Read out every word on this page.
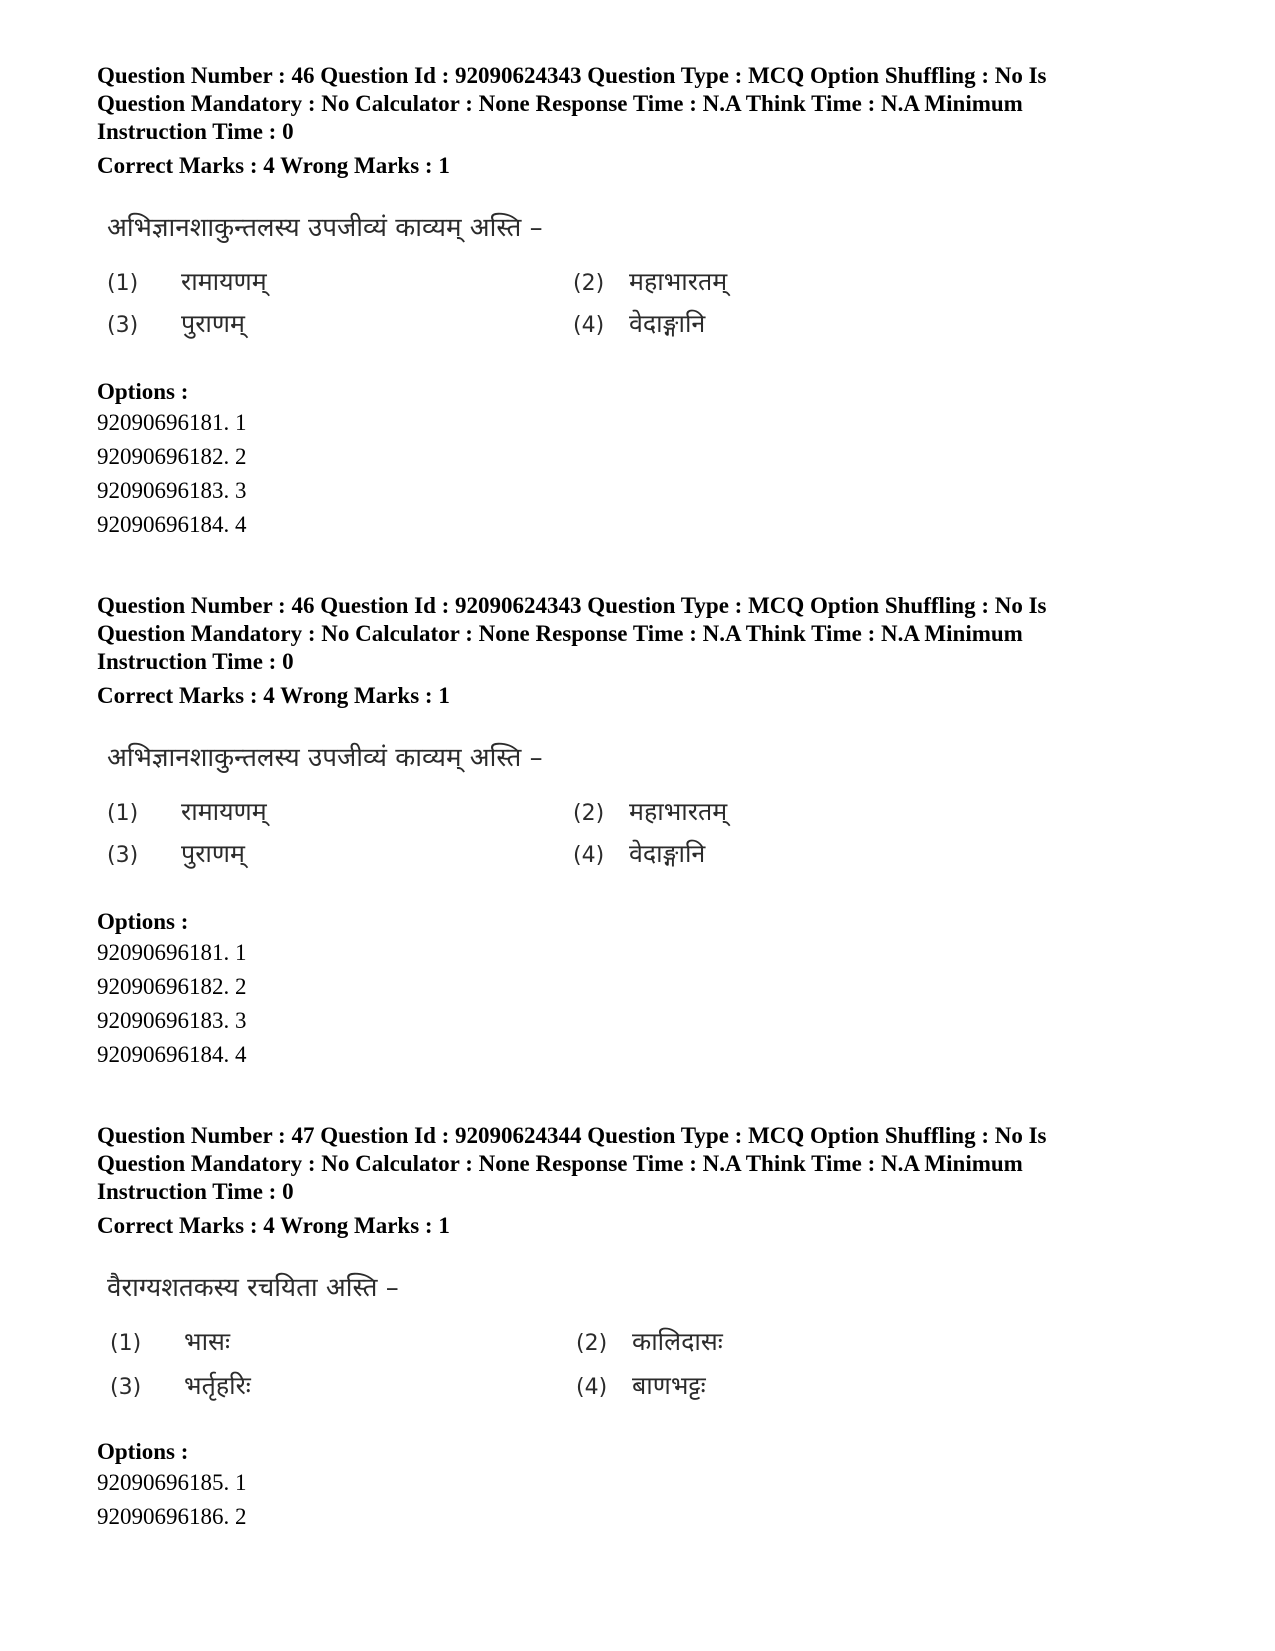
Question Number : 46 Question Id : 92090624343 Question Type : MCQ Option Shuffling : No Is

Question Mandatory : No Calculator : None Response Time : N.A Think Time : N.A Minimum

Instruction Time : 0

Correct Marks : 4 Wrong Marks : 1

अभिज्ञानशाकुन्तलस्य उपजीव्यं काव्यम् अस्ति –
(1) रामायणम्	(2) महाभारतम्
(3) पुराणम्	(4) वेदाङ्गानि

Options :

92090696181. 1

92090696182. 2

92090696183. 3

92090696184. 4

Question Number : 46 Question Id : 92090624343 Question Type : MCQ Option Shuffling : No Is

Question Mandatory : No Calculator : None Response Time : N.A Think Time : N.A Minimum

Instruction Time : 0

Correct Marks : 4 Wrong Marks : 1

अभिज्ञानशाकुन्तलस्य उपजीव्यं काव्यम् अस्ति –
(1) रामायणम्	(2) महाभारतम्
(3) पुराणम्	(4) वेदाङ्गानि

Options :

92090696181. 1

92090696182. 2

92090696183. 3

92090696184. 4

Question Number : 47 Question Id : 92090624344 Question Type : MCQ Option Shuffling : No Is

Question Mandatory : No Calculator : None Response Time : N.A Think Time : N.A Minimum

Instruction Time : 0

Correct Marks : 4 Wrong Marks : 1

वैराग्यशतकस्य रचयिता अस्ति –
(1) भासः	(2) कालिदासः
(3) भर्तृहरिः	(4) बाणभट्टः

Options :

92090696185. 1

92090696186. 2
